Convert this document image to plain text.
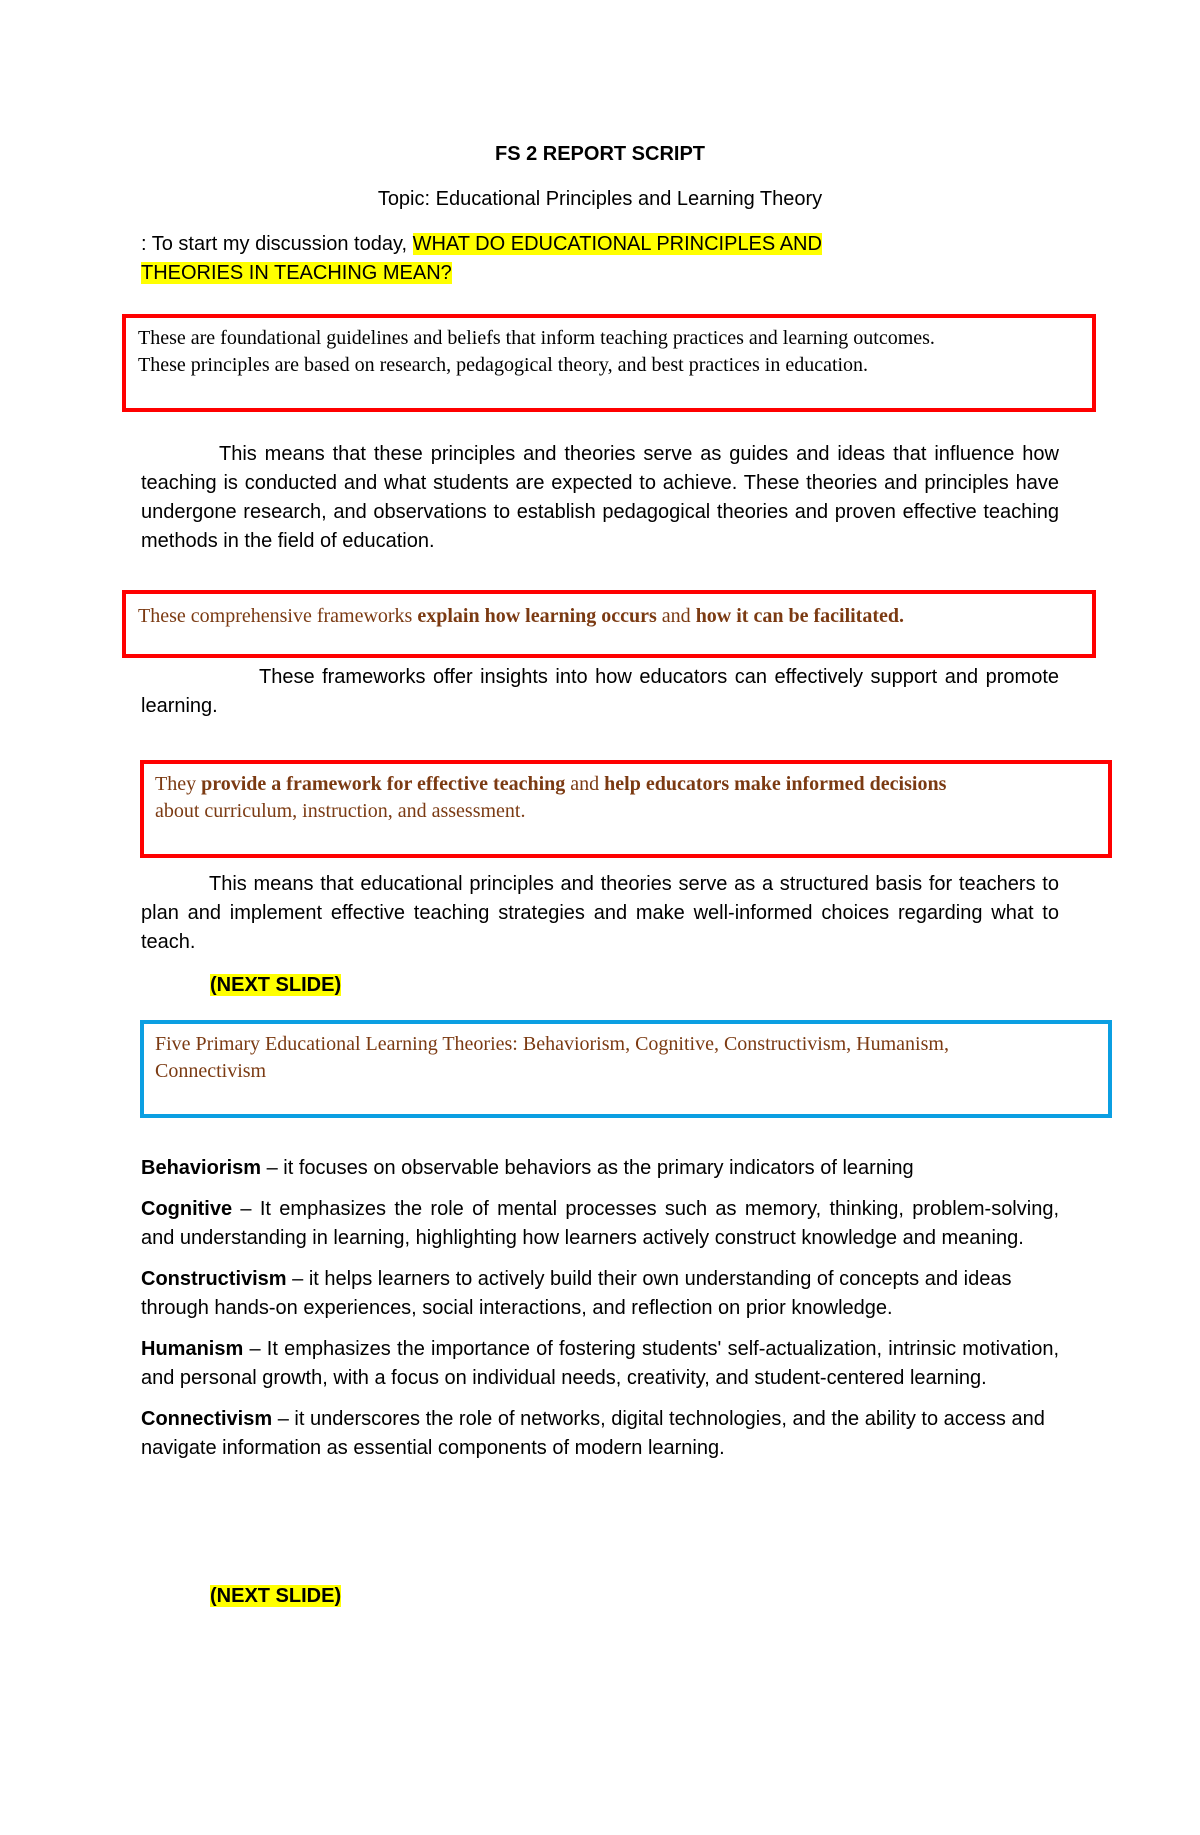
FS 2 REPORT SCRIPT
Topic: Educational Principles and Learning Theory
: To start my discussion today, WHAT DO EDUCATIONAL PRINCIPLES AND
THEORIES IN TEACHING MEAN?
These are foundational guidelines and beliefs that inform teaching practices and learning outcomes.
These principles are based on research, pedagogical theory, and best practices in education.
This means that these principles and theories serve as guides and ideas that influence how teaching is conducted and what students are expected to achieve. These theories and principles have undergone research, and observations to establish pedagogical theories and proven effective teaching methods in the field of education.
These comprehensive frameworks explain how learning occurs and how it can be facilitated.
These frameworks offer insights into how educators can effectively support and promote learning.
They provide a framework for effective teaching and help educators make informed decisions
about curriculum, instruction, and assessment.
This means that educational principles and theories serve as a structured basis for teachers to plan and implement effective teaching strategies and make well-informed choices regarding what to teach.
(NEXT SLIDE)
Five Primary Educational Learning Theories: Behaviorism, Cognitive, Constructivism, Humanism,
Connectivism

Behaviorism – it focuses on observable behaviors as the primary indicators of learning

Cognitive – It emphasizes the role of mental processes such as memory, thinking, problem-solving, and understanding in learning, highlighting how learners actively construct knowledge and meaning.

Constructivism – it helps learners to actively build their own understanding of concepts and ideas through hands-on experiences, social interactions, and reflection on prior knowledge.

Humanism – It emphasizes the importance of fostering students' self-actualization, intrinsic motivation, and personal growth, with a focus on individual needs, creativity, and student-centered learning.

Connectivism – it underscores the role of networks, digital technologies, and the ability to access and navigate information as essential components of modern learning.

(NEXT SLIDE)
